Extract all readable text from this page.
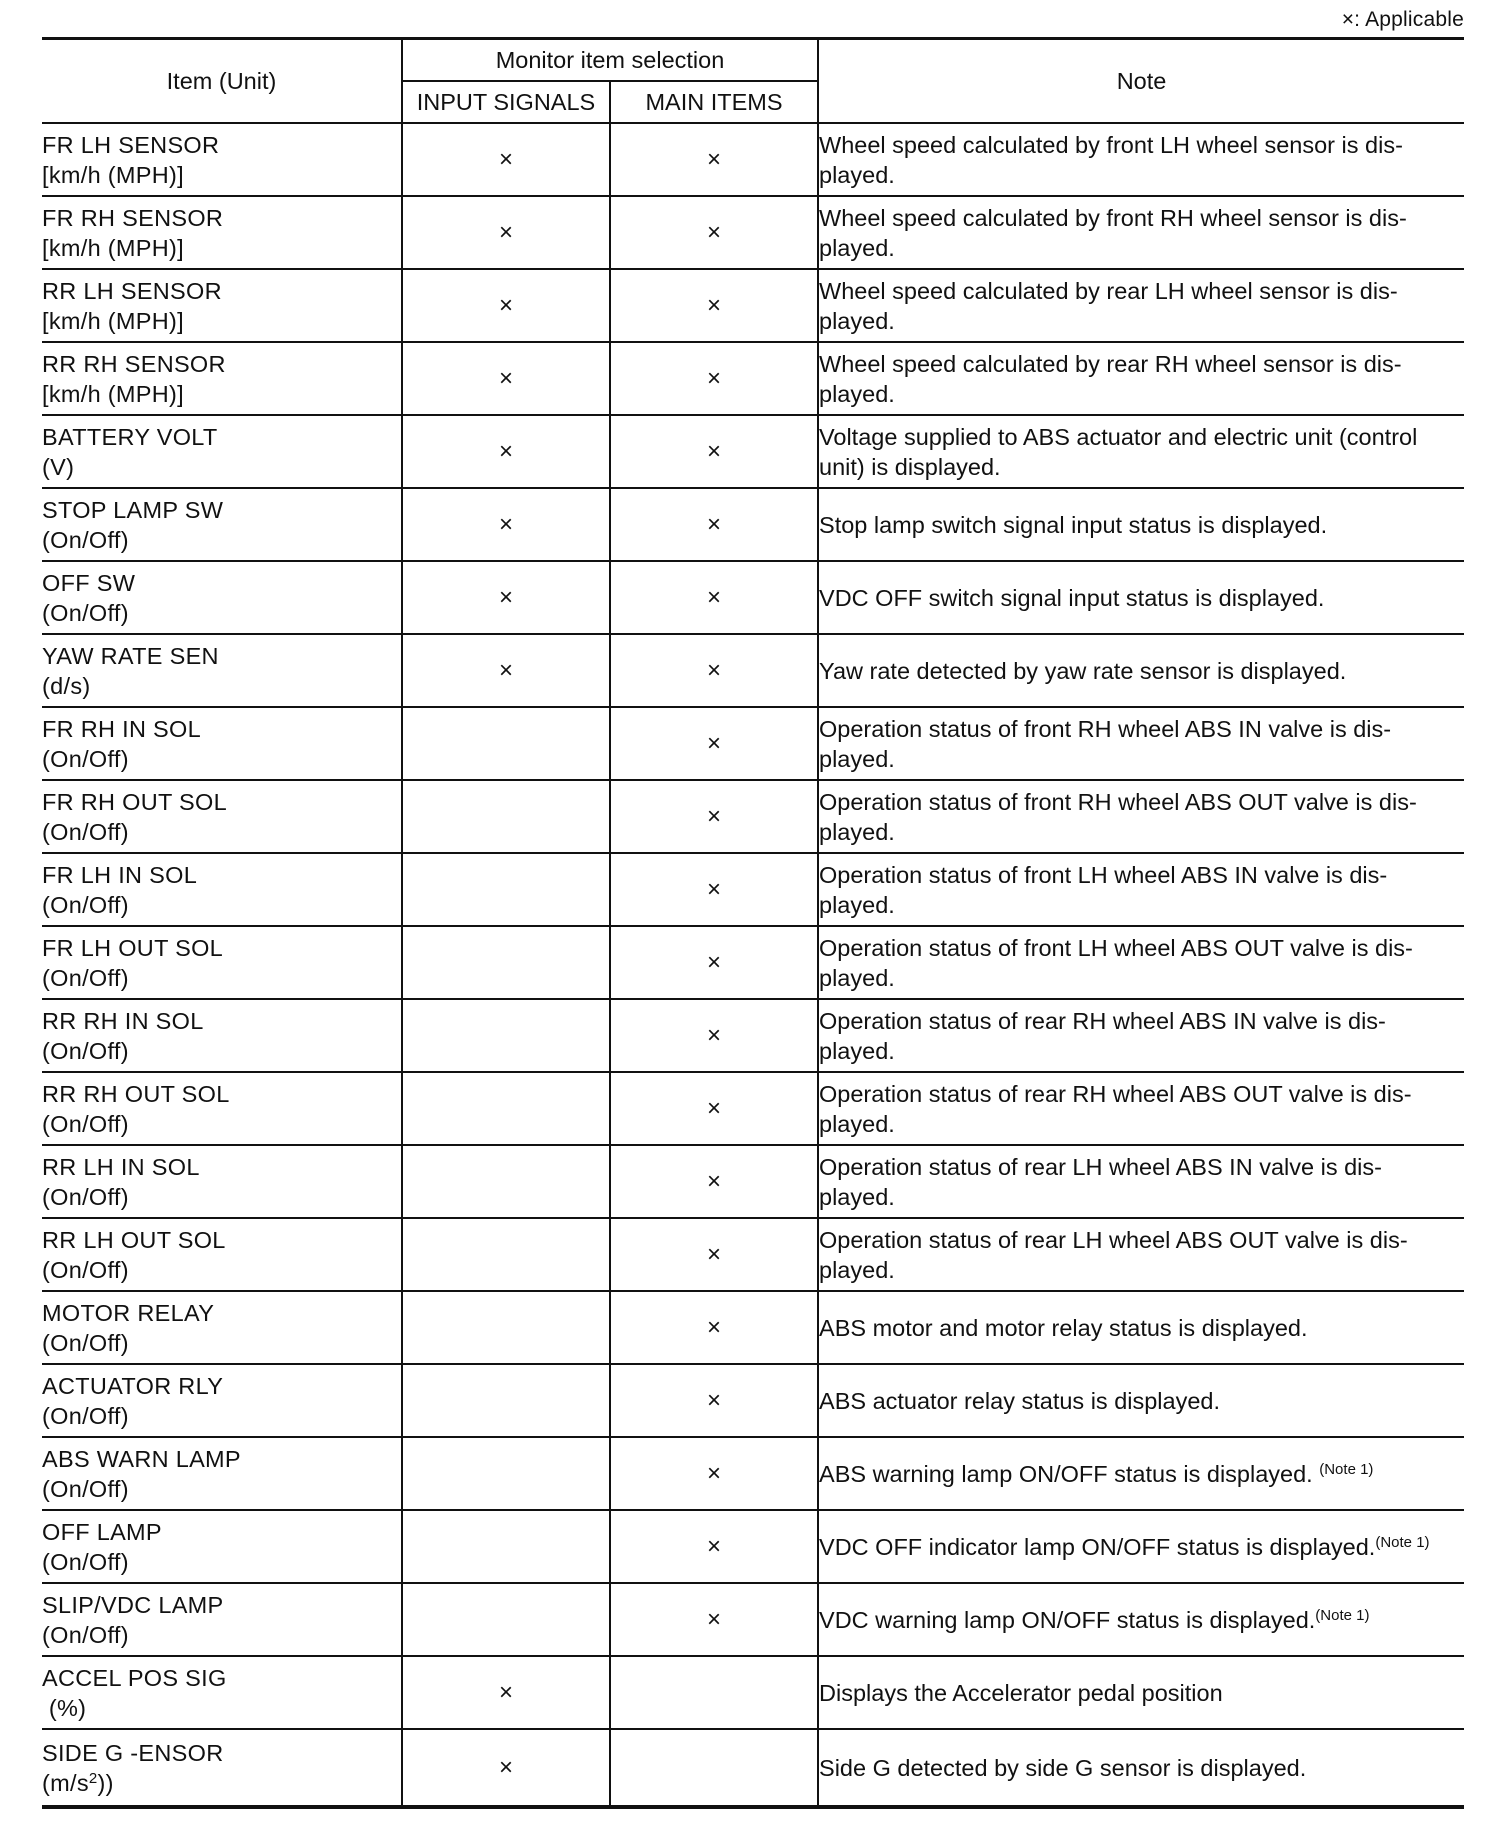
×: Applicable
Item (Unit)	Monitor item selection		Note
	INPUT SIGNALS	MAIN ITEMS	
FR LH SENSOR
[km/h (MPH)]	×	×	Wheel speed calculated by front LH wheel sensor is dis- played.
FR RH SENSOR
[km/h (MPH)]	×	×	Wheel speed calculated by front RH wheel sensor is dis- played.
RR LH SENSOR
[km/h (MPH)]	×	×	Wheel speed calculated by rear LH wheel sensor is dis- played.
RR RH SENSOR
[km/h (MPH)]	×	×	Wheel speed calculated by rear RH wheel sensor is dis- played.
BATTERY VOLT
(V)	×	×	Voltage supplied to ABS actuator and electric unit (control unit) is displayed.
STOP LAMP SW
(On/Off)	×	×	Stop lamp switch signal input status is displayed.
OFF SW
(On/Off)	×	×	VDC OFF switch signal input status is displayed.
YAW RATE SEN
(d/s)	×	×	Yaw rate detected by yaw rate sensor is displayed.
FR RH IN SOL
(On/Off)		×	Operation status of front RH wheel ABS IN valve is dis- played.
FR RH OUT SOL
(On/Off)		×	Operation status of front RH wheel ABS OUT valve is dis- played.
FR LH IN SOL
(On/Off)		×	Operation status of front LH wheel ABS IN valve is dis- played.
FR LH OUT SOL
(On/Off)		×	Operation status of front LH wheel ABS OUT valve is dis- played.
RR RH IN SOL
(On/Off)		×	Operation status of rear RH wheel ABS IN valve is dis- played.
RR RH OUT SOL
(On/Off)		×	Operation status of rear RH wheel ABS OUT valve is dis- played.
RR LH IN SOL
(On/Off)		×	Operation status of rear LH wheel ABS IN valve is dis- played.
RR LH OUT SOL
(On/Off)		×	Operation status of rear LH wheel ABS OUT valve is dis- played.
MOTOR RELAY
(On/Off)		×	ABS motor and motor relay status is displayed.
ACTUATOR RLY
(On/Off)		×	ABS actuator relay status is displayed.
ABS WARN LAMP
(On/Off)		×	ABS warning lamp ON/OFF status is displayed. $^{(Note 1)}$
OFF LAMP
(On/Off)		×	VDC OFF indicator lamp ON/OFF status is displayed.$^{(Note 1)}$
SLIP/VDC LAMP
(On/Off)		×	VDC warning lamp ON/OFF status is displayed.$^{(Note 1)}$
ACCEL POS SIG
(%)	×		Displays the Accelerator pedal position
SIDE G -ENSOR
$(m/s^2)$)	×		Side G detected by side G sensor is displayed.
